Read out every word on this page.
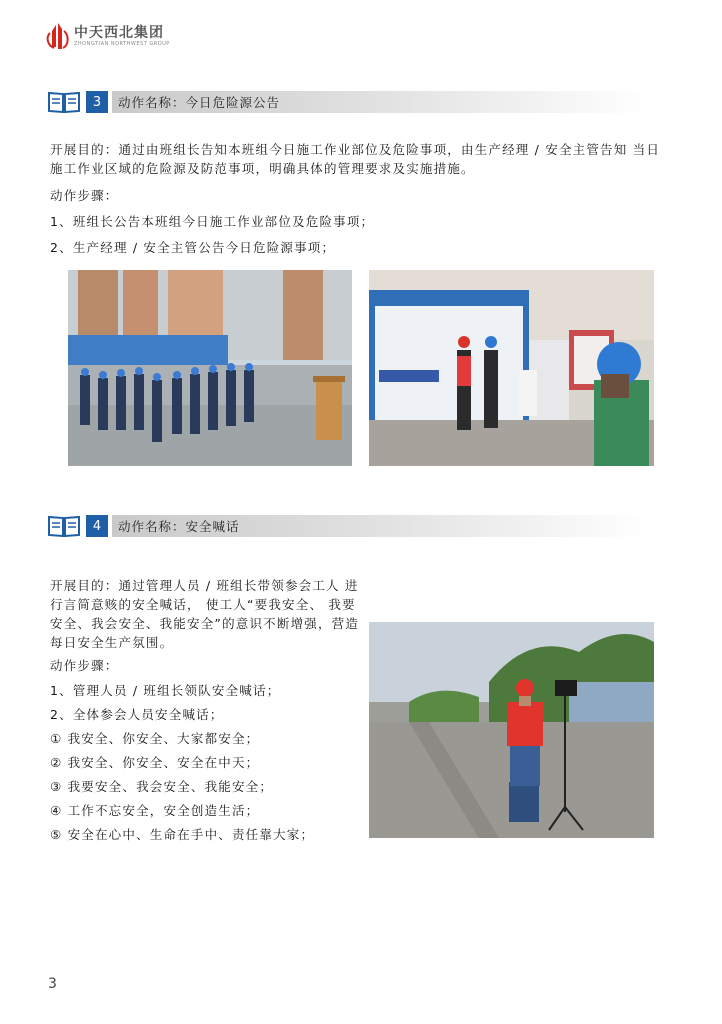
中天西北集团
ZHONGTIAN NORTHWEST GROUP
3	动作名称：今日危险源公告
开展目的：通过由班组长告知本班组今日施工作业部位及危险事项，由生产经理 / 安全主管告知 当日施工作业区域的危险源及防范事项，明确具体的管理要求及实施措施。
动作步骤：
1、班组长公告本班组今日施工作业部位及危险事项；
2、生产经理 / 安全主管公告今日危险源事项；
4	动作名称：安全喊话
开展目的：通过管理人员 / 班组长带领参会工人 进行言简意赅的安全喊话， 使工人“要我安全、 我要安全、我会安全、我能安全”的意识不断增强，营造每日安全生产氛围。
动作步骤：
1、管理人员 / 班组长领队安全喊话；
2、全体参会人员安全喊话；
① 我安全、你安全、大家都安全；
② 我安全、你安全、安全在中天；
③ 我要安全、我会安全、我能安全；
④ 工作不忘安全，安全创造生活；
⑤ 安全在心中、生命在手中、责任靠大家；
3
